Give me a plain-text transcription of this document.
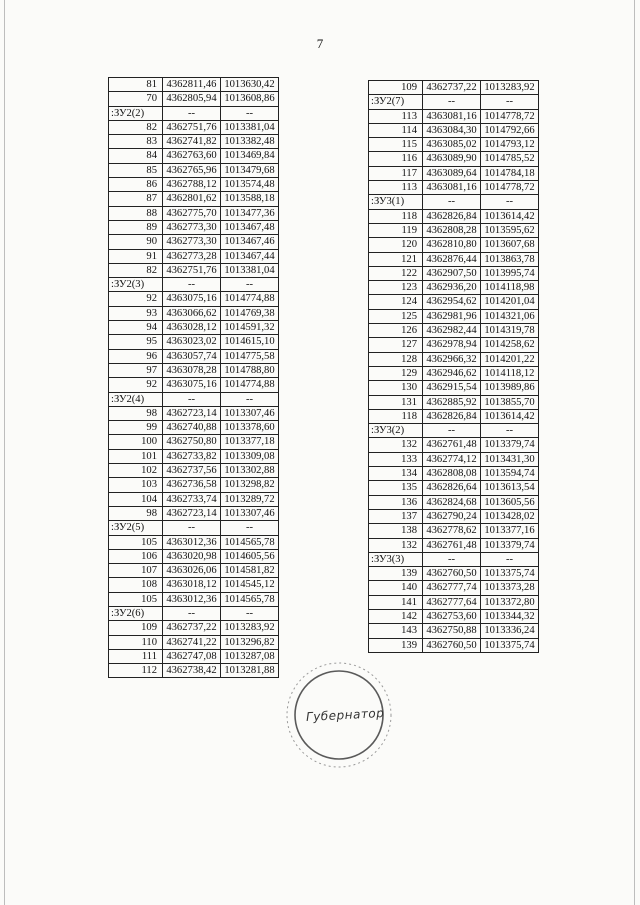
7
81	4362811,46	1013630,42
70	4362805,94	1013608,86
:ЗУ2(2)	--	--
82	4362751,76	1013381,04
83	4362741,82	1013382,48
84	4362763,60	1013469,84
85	4362765,96	1013479,68
86	4362788,12	1013574,48
87	4362801,62	1013588,18
88	4362775,70	1013477,36
89	4362773,30	1013467,48
90	4362773,30	1013467,46
91	4362773,28	1013467,44
82	4362751,76	1013381,04
:ЗУ2(3)	--	--
92	4363075,16	1014774,88
93	4363066,62	1014769,38
94	4363028,12	1014591,32
95	4363023,02	1014615,10
96	4363057,74	1014775,58
97	4363078,28	1014788,80
92	4363075,16	1014774,88
:ЗУ2(4)	--	--
98	4362723,14	1013307,46
99	4362740,88	1013378,60
100	4362750,80	1013377,18
101	4362733,82	1013309,08
102	4362737,56	1013302,88
103	4362736,58	1013298,82
104	4362733,74	1013289,72
98	4362723,14	1013307,46
:ЗУ2(5)	--	--
105	4363012,36	1014565,78
106	4363020,98	1014605,56
107	4363026,06	1014581,82
108	4363018,12	1014545,12
105	4363012,36	1014565,78
:ЗУ2(6)	--	--
109	4362737,22	1013283,92
110	4362741,22	1013296,82
111	4362747,08	1013287,08
112	4362738,42	1013281,88
109	4362737,22	1013283,92
:ЗУ2(7)	--	--
113	4363081,16	1014778,72
114	4363084,30	1014792,66
115	4363085,02	1014793,12
116	4363089,90	1014785,52
117	4363089,64	1014784,18
113	4363081,16	1014778,72
:ЗУ3(1)	--	--
118	4362826,84	1013614,42
119	4362808,28	1013595,62
120	4362810,80	1013607,68
121	4362876,44	1013863,78
122	4362907,50	1013995,74
123	4362936,20	1014118,98
124	4362954,62	1014201,04
125	4362981,96	1014321,06
126	4362982,44	1014319,78
127	4362978,94	1014258,62
128	4362966,32	1014201,22
129	4362946,62	1014118,12
130	4362915,54	1013989,86
131	4362885,92	1013855,70
118	4362826,84	1013614,42
:ЗУ3(2)	--	--
132	4362761,48	1013379,74
133	4362774,12	1013431,30
134	4362808,08	1013594,74
135	4362826,64	1013613,54
136	4362824,68	1013605,56
137	4362790,24	1013428,02
138	4362778,62	1013377,16
132	4362761,48	1013379,74
:ЗУ3(3)	--	--
139	4362760,50	1013375,74
140	4362777,74	1013373,28
141	4362777,64	1013372,80
142	4362753,60	1013344,32
143	4362750,88	1013336,24
139	4362760,50	1013375,74
Губернатор
